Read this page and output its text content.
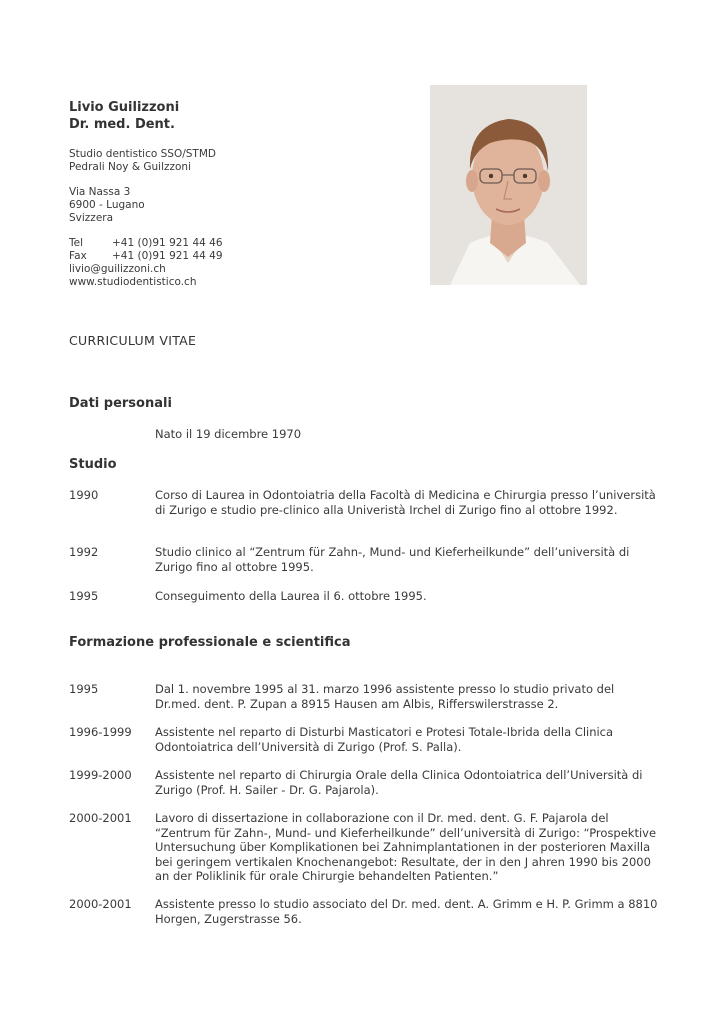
Livio Guilizzoni
Dr. med. Dent.
Studio dentistico SSO/STMD
Pedrali Noy & Guilzzoni
Via Nassa 3
6900 - Lugano
Svizzera
Tel	+41 (0)91 921 44 46
Fax	+41 (0)91 921 44 49
livio@guilizzoni.ch
www.studiodentistico.ch
CURRICULUM VITAE
Dati personali
Nato il 19 dicembre 1970
Studio
1990	Corso di Laurea in Odontoiatria della Facoltà di Medicina e Chirurgia presso l’università di Zurigo e studio pre-clinico alla Univeristà Irchel di Zurigo fino al ottobre 1992.
1992	Studio clinico al “Zentrum für Zahn-, Mund- und Kieferheilkunde” dell’università di Zurigo fino al ottobre 1995.
1995	Conseguimento della Laurea il 6. ottobre 1995.
Formazione professionale e scientifica
1995	Dal 1. novembre 1995 al 31. marzo 1996 assistente presso lo studio privato del Dr.med. dent. P. Zupan a 8915 Hausen am Albis, Rifferswilerstrasse 2.
1996-1999	Assistente nel reparto di Disturbi Masticatori e Protesi Totale-Ibrida della Clinica Odontoiatrica dell’Università di Zurigo (Prof. S. Palla).
1999-2000	Assistente nel reparto di Chirurgia Orale della Clinica Odontoiatrica dell’Università di Zurigo (Prof. H. Sailer - Dr. G. Pajarola).
2000-2001	Lavoro di dissertazione in collaborazione con il Dr. med. dent. G. F. Pajarola del “Zentrum für Zahn-, Mund- und Kieferheilkunde” dell’università di Zurigo: “Prospektive Untersuchung über Komplikationen bei Zahnimplantationen in der posterioren Maxilla bei geringem vertikalen Knochenangebot: Resultate, der in den J ahren 1990 bis 2000 an der Poliklinik für orale Chirurgie behandelten Patienten.”
2000-2001	Assistente presso lo studio associato del Dr. med. dent. A. Grimm e H. P. Grimm a 8810 Horgen, Zugerstrasse 56.
